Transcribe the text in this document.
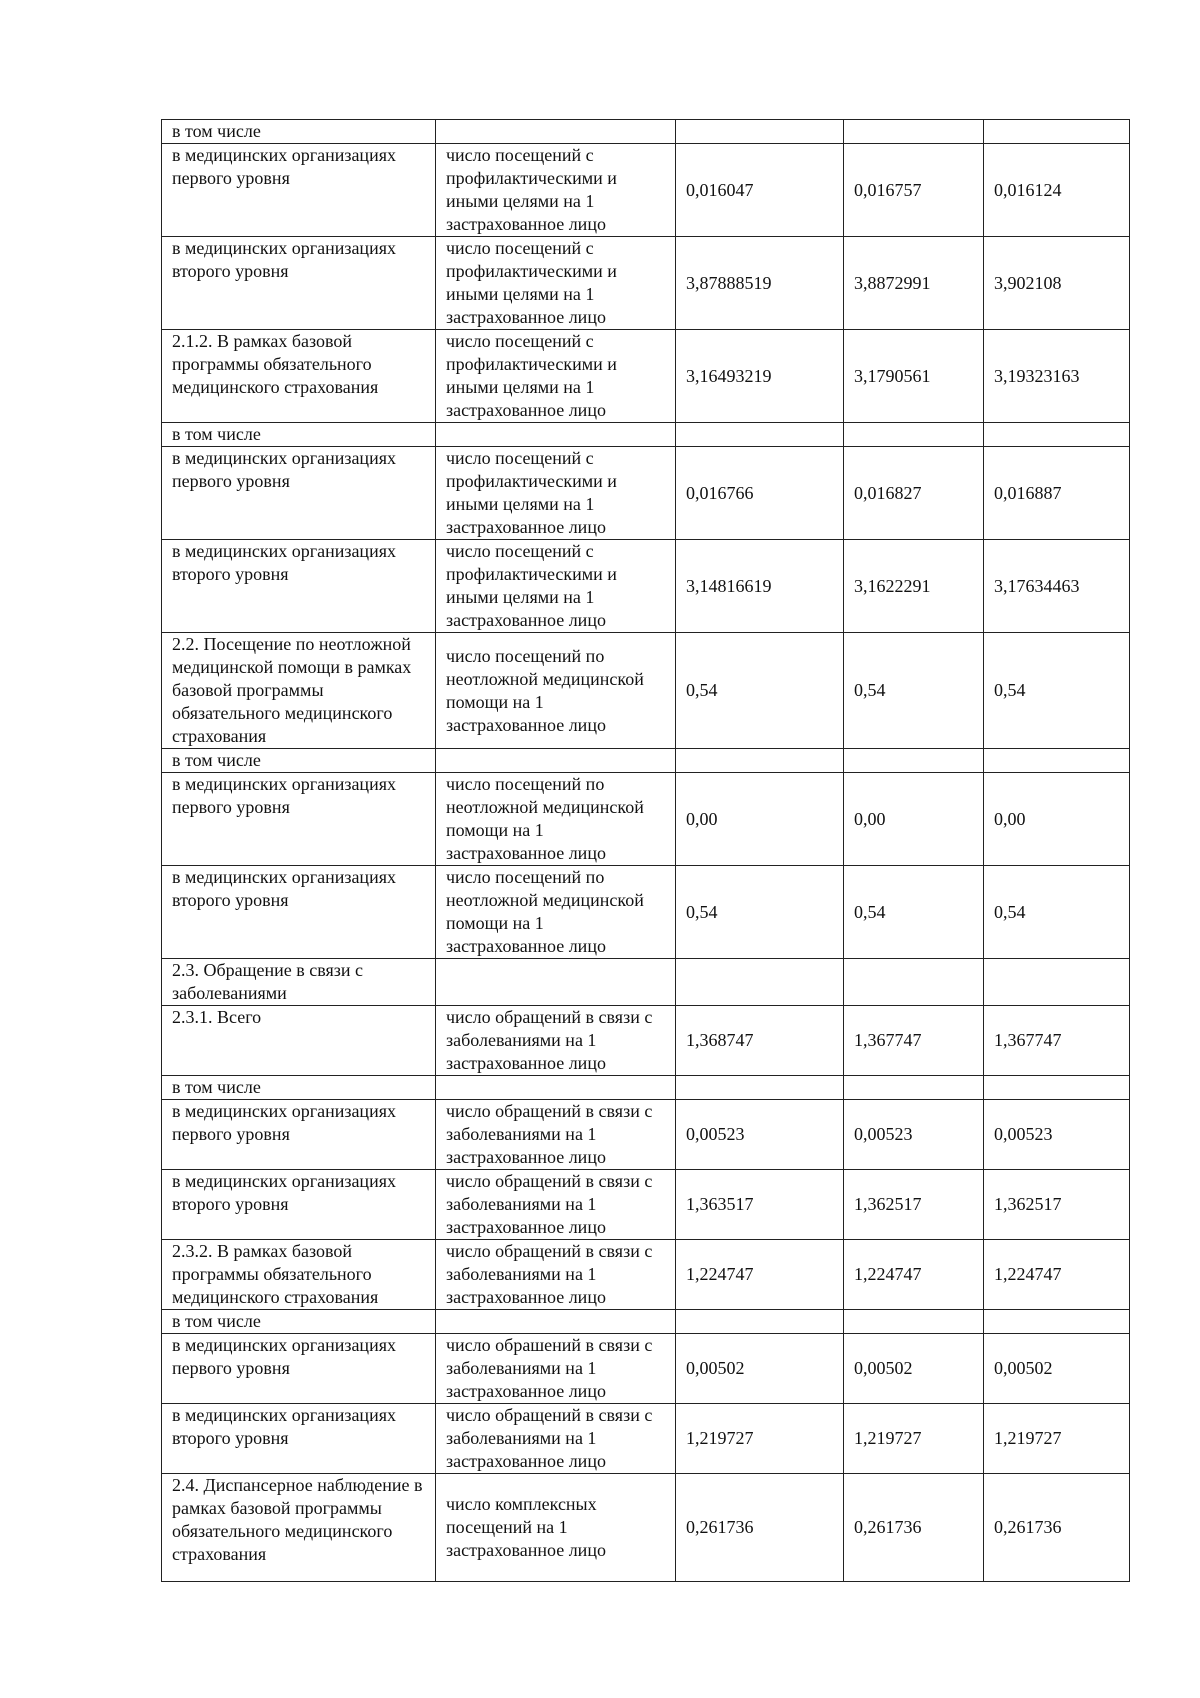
в том числе				
в медицинских организациях первого уровня	число посещений с профилактическими и иными целями на 1 застрахованное лицо	0,016047	0,016757	0,016124
в медицинских организациях второго уровня	число посещений с профилактическими и иными целями на 1 застрахованное лицо	3,87888519	3,8872991	3,902108
2.1.2. В рамках базовой программы обязательного медицинского страхования	число посещений с профилактическими и иными целями на 1 застрахованное лицо	3,16493219	3,1790561	3,19323163
в том числе				
в медицинских организациях первого уровня	число посещений с профилактическими и иными целями на 1 застрахованное лицо	0,016766	0,016827	0,016887
в медицинских организациях второго уровня	число посещений с профилактическими и иными целями на 1 застрахованное лицо	3,14816619	3,1622291	3,17634463
2.2. Посещение по неотложной медицинской помощи в рамках базовой программы обязательного медицинского страхования	число посещений по неотложной медицинской помощи на 1 застрахованное лицо	0,54	0,54	0,54
в том числе				
в медицинских организациях первого уровня	число посещений по неотложной медицинской помощи на 1 застрахованное лицо	0,00	0,00	0,00
в медицинских организациях второго уровня	число посещений по неотложной медицинской помощи на 1 застрахованное лицо	0,54	0,54	0,54
2.3. Обращение в связи с заболеваниями				
2.3.1. Всего	число обращений в связи с заболеваниями на 1 застрахованное лицо	1,368747	1,367747	1,367747
в том числе				
в медицинских организациях первого уровня	число обращений в связи с заболеваниями на 1 застрахованное лицо	0,00523	0,00523	0,00523
в медицинских организациях второго уровня	число обращений в связи с заболеваниями на 1 застрахованное лицо	1,363517	1,362517	1,362517
2.3.2. В рамках базовой программы обязательного медицинского страхования	число обращений в связи с заболеваниями на 1 застрахованное лицо	1,224747	1,224747	1,224747
в том числе				
в медицинских организациях первого уровня	число обрашений в связи с заболеваниями на 1 застрахованное лицо	0,00502	0,00502	0,00502
в медицинских организациях второго уровня	число обращений в связи с заболеваниями на 1 застрахованное лицо	1,219727	1,219727	1,219727
2.4. Диспансерное наблюдение в рамках базовой программы обязательного медицинского страхования	число комплексных посещений на 1 застрахованное лицо	0,261736	0,261736	0,261736
